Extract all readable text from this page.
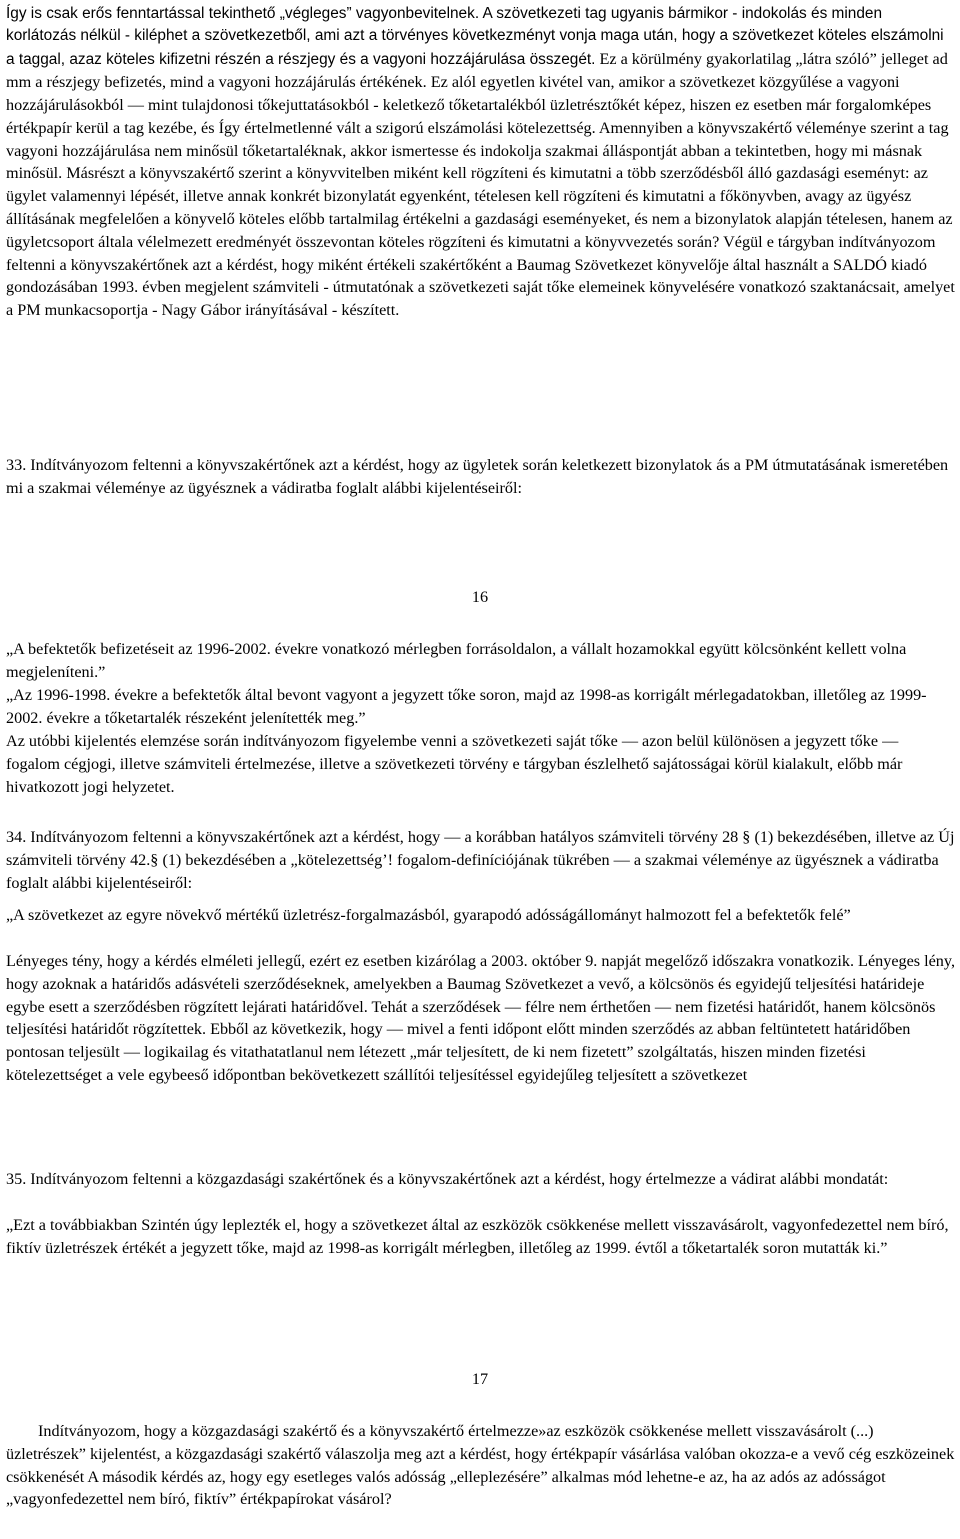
Így is csak erős fenntartással tekinthető „végleges” vagyonbevitelnek. A szövetkezeti tag ugyanis bármikor - indokolás és minden korlátozás nélkül - kiléphet a szövetkezetből, ami azt a törvényes következményt vonja maga után, hogy a szövetkezet köteles elszámolni a taggal, azaz köteles kifizetni részén a részjegy és a vagyoni hozzájárulása összegét. Ez a körülmény gyakorlatilag „látra szóló” jelleget ad mm a részjegy befizetés, mind a vagyoni hozzájárulás értékének. Ez alól egyetlen kivétel van, amikor a szövetkezet közgyűlése a vagyoni hozzájárulásokból — mint tulajdonosi tőkejuttatásokból - keletkező tőketartalékból üzletrésztőkét képez, hiszen ez esetben már forgalomképes értékpapír kerül a tag kezébe, és Így értelmetlenné vált a szigorú elszámolási kötelezettség. Amennyiben a könyvszakértő véleménye szerint a tag vagyoni hozzájárulása nem minősül tőketartaléknak, akkor ismertesse és indokolja szakmai álláspontját abban a tekintetben, hogy mi másnak minősül. Másrészt a könyvszakértő szerint a könyvvitelben miként kell rögzíteni és kimutatni a több szerződésből álló gazdasági eseményt: az ügylet valamennyi lépését, illetve annak konkrét bizonylatát egyenként, tételesen kell rögzíteni és kimutatni a főkönyvben, avagy az ügyész állításának megfelelően a könyvelő köteles előbb tartalmilag értékelni a gazdasági eseményeket, és nem a bizonylatok alapján tételesen, hanem az ügyletcsoport általa vélelmezett eredményét összevontan köteles rögzíteni és kimutatni a könyvvezetés során? Végül e tárgyban indítványozom feltenni a könyvszakértőnek azt a kérdést, hogy miként értékeli szakértőként a Baumag Szövetkezet könyvelője által használt a SALDÓ kiadó gondozásában 1993. évben megjelent számviteli - útmutatónak a szövetkezeti saját tőke elemeinek könyvelésére vonatkozó szaktanácsait, amelyet a PM munkacsoportja - Nagy Gábor irányításával - készített.

33. Indítványozom feltenni a könyvszakértőnek azt a kérdést, hogy az ügyletek során keletkezett bizonylatok ás a PM útmutatásának ismeretében mi a szakmai véleménye az ügyésznek a vádiratba foglalt alábbi kijelentéseiről:

16

„A befektetők befizetéseit az 1996-2002. évekre vonatkozó mérlegben forrásoldalon, a vállalt hozamokkal együtt kölcsönként kellett volna megjeleníteni.”

„Az 1996-1998. évekre a befektetők által bevont vagyont a jegyzett tőke soron, majd az 1998-as korrigált mérlegadatokban, illetőleg az 1999-2002. évekre a tőketartalék részeként jelenítették meg.”

Az utóbbi kijelentés elemzése során indítványozom figyelembe venni a szövetkezeti saját tőke — azon belül különösen a jegyzett tőke — fogalom cégjogi, illetve számviteli értelmezése, illetve a szövetkezeti törvény e tárgyban észlelhető sajátosságai körül kialakult, előbb már hivatkozott jogi helyzetet.

34. Indítványozom feltenni a könyvszakértőnek azt a kérdést, hogy — a korábban hatályos számviteli törvény 28 § (1) bekezdésében, illetve az Új számviteli törvény 42.§ (1) bekezdésében a „kötelezettség’! fogalom-definíciójának tükrében — a szakmai véleménye az ügyésznek a vádiratba foglalt alábbi kijelentéseiről:

„A szövetkezet az egyre növekvő mértékű üzletrész-forgalmazásból, gyarapodó adósságállományt halmozott fel a befektetők felé”

Lényeges tény, hogy a kérdés elméleti jellegű, ezért ez esetben kizárólag a 2003. október 9. napját megelőző időszakra vonatkozik. Lényeges lény, hogy azoknak a határidős adásvételi szerződéseknek, amelyekben a Baumag Szövetkezet a vevő, a kölcsönös és egyidejű teljesítési határideje egybe esett a szerződésben rögzített lejárati határidővel. Tehát a szerződések — félre nem érthetően — nem fizetési határidőt, hanem kölcsönös teljesítési határidőt rögzítettek. Ebből az következik, hogy — mivel a fenti időpont előtt minden szerződés az abban feltüntetett határidőben pontosan teljesült — logikailag és vitathatatlanul nem létezett „már teljesített, de ki nem fizetett” szolgáltatás, hiszen minden fizetési kötelezettséget a vele egybeeső időpontban bekövetkezett szállítói teljesítéssel egyidejűleg teljesített a szövetkezet

35. Indítványozom feltenni a közgazdasági szakértőnek és a könyvszakértőnek azt a kérdést, hogy értelmezze a vádirat alábbi mondatát:

„Ezt a továbbiakban Szintén úgy leplezték el, hogy a szövetkezet által az eszközök csökkenése mellett visszavásárolt, vagyonfedezettel nem bíró, fiktív üzletrészek értékét a jegyzett tőke, majd az 1998-as korrigált mérlegben, illetőleg az 1999. évtől a tőketartalék soron mutatták ki.”

17

Indítványozom, hogy a közgazdasági szakértő és a könyvszakértő értelmezze»az eszközök csökkenése mellett visszavásárolt (...) üzletrészek” kijelentést, a közgazdasági szakértő válaszolja meg azt a kérdést, hogy értékpapír vásárlása valóban okozza-e a vevő cég eszközeinek csökkenését A második kérdés az, hogy egy esetleges valós adósság „elleplezésére” alkalmas mód lehetne-e az, ha az adós az adósságot „vagyonfedezettel nem bíró, fiktív” értékpapírokat vásárol?
